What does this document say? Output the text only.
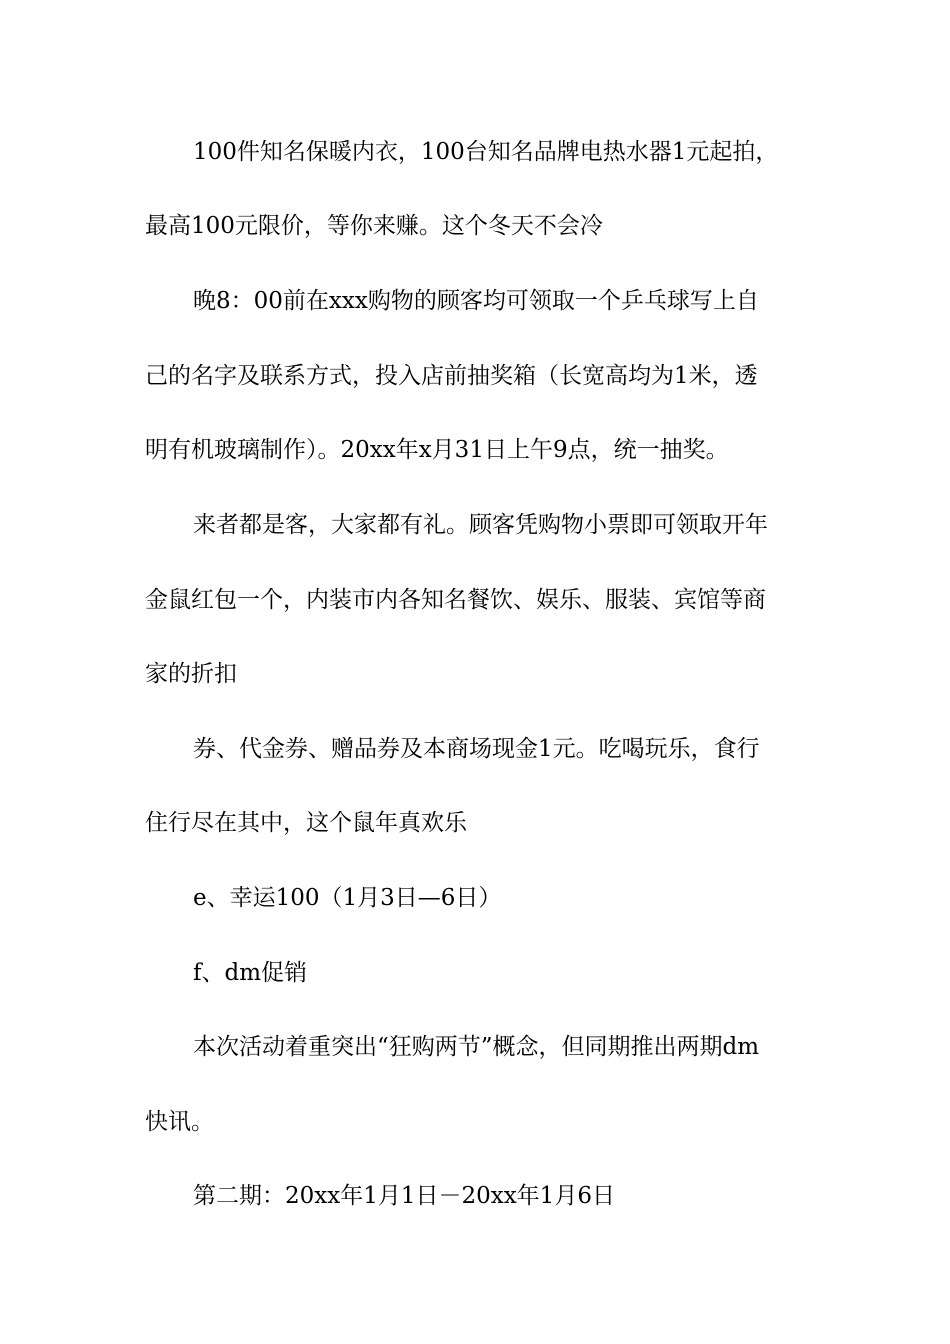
100件知名保暖内衣，100台知名品牌电热水器1元起拍，
最高100元限价，等你来赚。这个冬天不会冷
晚8：00前在xxx购物的顾客均可领取一个乒乓球写上自
己的名字及联系方式，投入店前抽奖箱（长宽高均为1米，透
明有机玻璃制作）。20xx年x月31日上午9点，统一抽奖。
来者都是客，大家都有礼。顾客凭购物小票即可领取开年
金鼠红包一个，内装市内各知名餐饮、娱乐、服装、宾馆等商
家的折扣
券、代金券、赠品券及本商场现金1元。吃喝玩乐，食行
住行尽在其中，这个鼠年真欢乐
e、幸运100（1月3日—6日）
f、dm促销
本次活动着重突出“狂购两节”概念，但同期推出两期dm
快讯。
第二期：20xx年1月1日－20xx年1月6日
